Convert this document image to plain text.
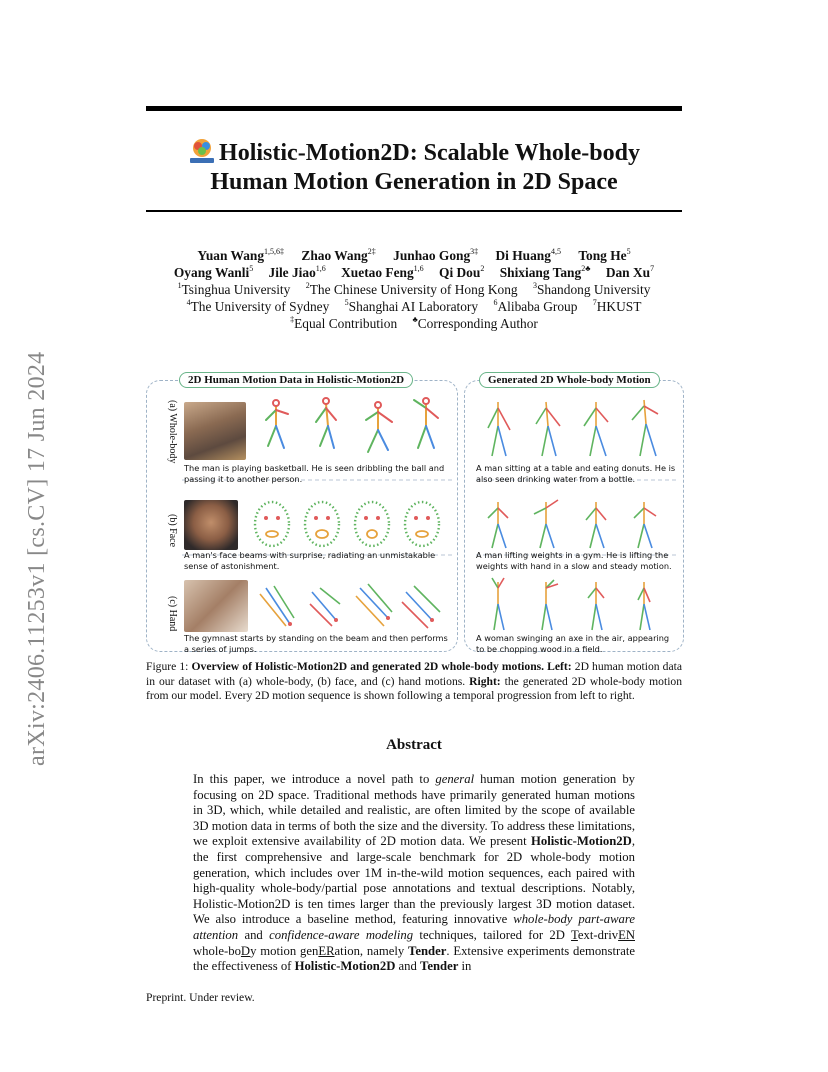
arXiv:2406.11253v1 [cs.CV] 17 Jun 2024
Holistic-Motion2D: Scalable Whole-body
Human Motion Generation in 2D Space
Yuan Wang$^{1,5,6\ddagger}$ Zhao Wang$^{2\ddagger}$ Junhao Gong$^{3\ddagger}$ Di Huang$^{4,5}$ Tong He$^5$
Oyang Wanli$^5$ Jile Jiao$^{1,6}$ Xuetao Feng$^{1,6}$ Qi Dou$^2$ Shixiang Tang$^{2♣}$ Dan Xu$^7$
$^1$Tsinghua University $^2$The Chinese University of Hong Kong $^3$Shandong University
$^4$The University of Sydney $^5$Shanghai AI Laboratory $^6$Alibaba Group $^7$HKUST
‡Equal Contribution ♣Corresponding Author
2D Human Motion Data in Holistic-Motion2D	Generated 2D Whole-body Motion
(a) Whole-body
(b) Face
(c) Hand
The man is playing basketball. He is seen dribbling the ball and passing it to another person.
A man's face beams with surprise, radiating an unmistakable sense of astonishment.
The gymnast starts by standing on the beam and then performs a series of jumps.
A man sitting at a table and eating donuts. He is also seen drinking water from a bottle.
A man lifting weights in a gym. He is lifting the weights with hand in a slow and steady motion.
A woman swinging an axe in the air, appearing to be chopping wood in a field.
Figure 1: Overview of Holistic-Motion2D and generated 2D whole-body motions. Left: 2D human motion data in our dataset with (a) whole-body, (b) face, and (c) hand motions. Right: the generated 2D whole-body motion from our model. Every 2D motion sequence is shown following a temporal progression from left to right.
Abstract
In this paper, we introduce a novel path to general human motion generation by focusing on 2D space. Traditional methods have primarily generated human motions in 3D, which, while detailed and realistic, are often limited by the scope of available 3D motion data in terms of both the size and the diversity. To address these limitations, we exploit extensive availability of 2D motion data. We present Holistic-Motion2D, the first comprehensive and large-scale benchmark for 2D whole-body motion generation, which includes over 1M in-the-wild motion sequences, each paired with high-quality whole-body/partial pose annotations and textual descriptions. Notably, Holistic-Motion2D is ten times larger than the previously largest 3D motion dataset. We also introduce a baseline method, featuring innovative whole-body part-aware attention and confidence-aware modeling techniques, tailored for 2D Text-drivEN whole-boDy motion genERation, namely Tender. Extensive experiments demonstrate the effectiveness of Holistic-Motion2D and Tender in
Preprint. Under review.
